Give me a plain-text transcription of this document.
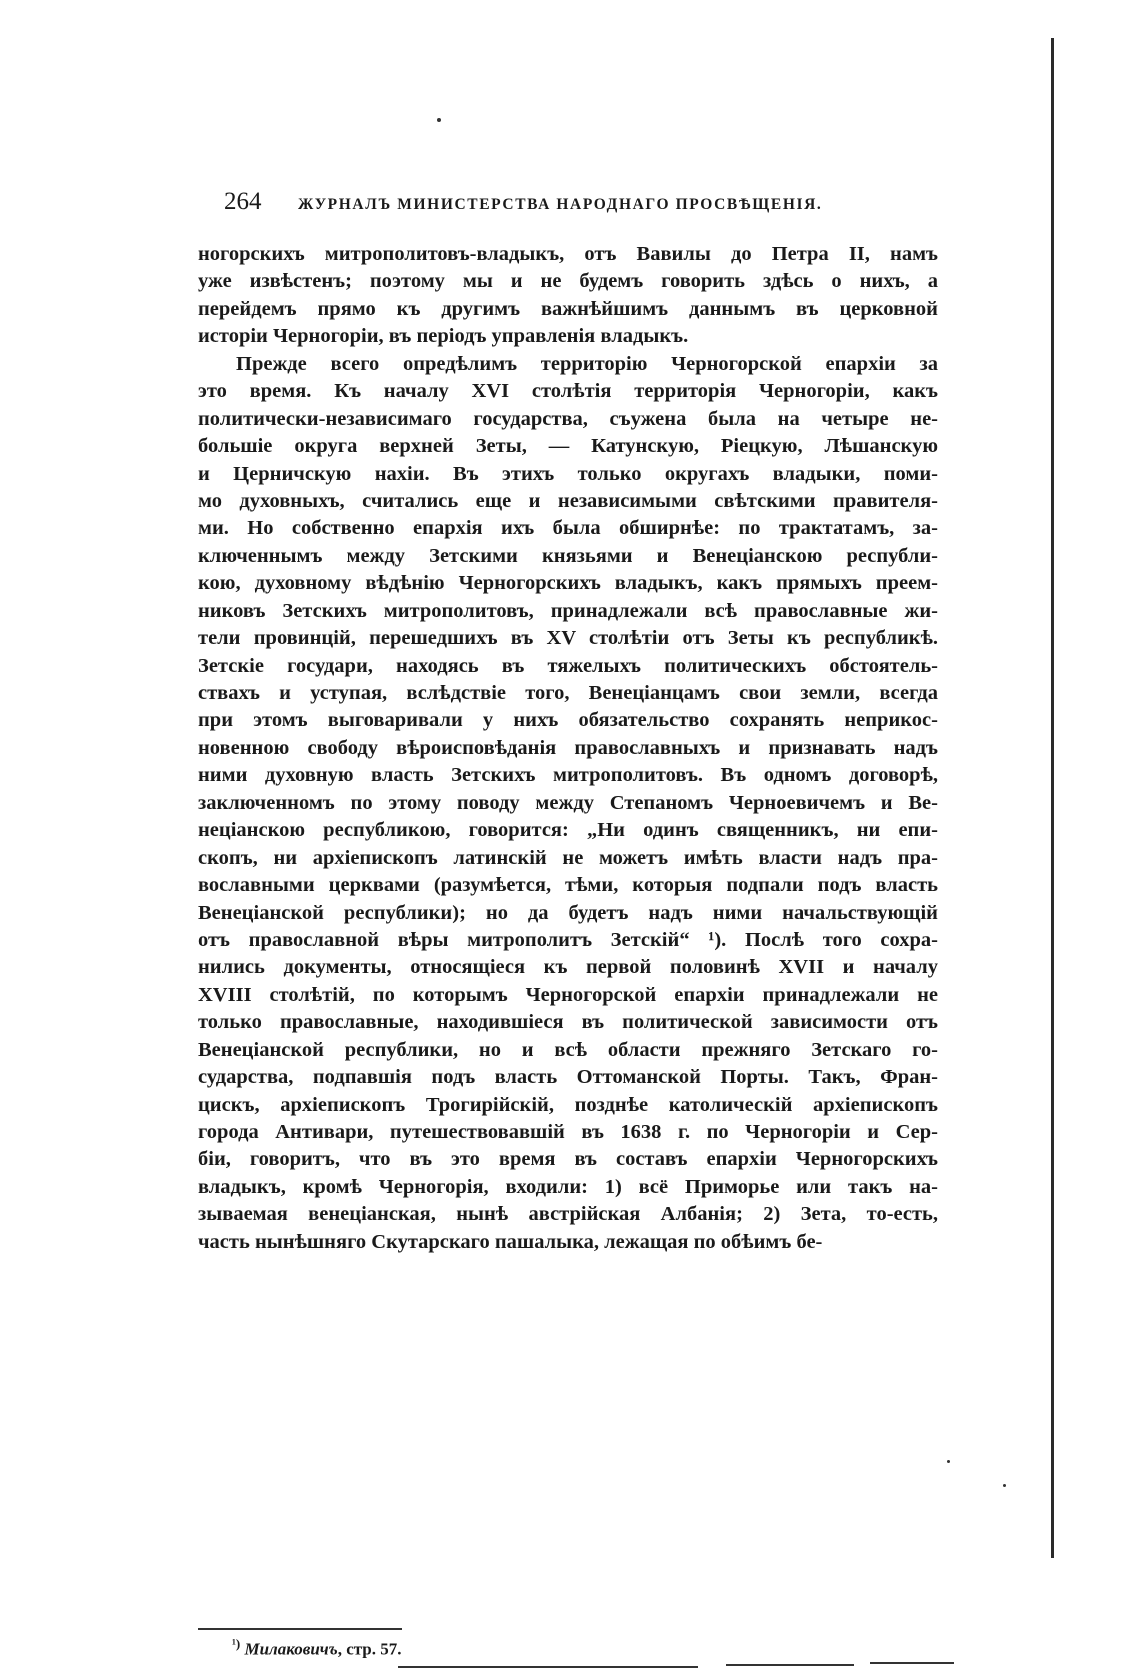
264	ЖУРНАЛЪ МИНИСТЕРСТВА НАРОДНАГО ПРОСВѢЩЕНІЯ.
ногорскихъ митрополитовъ-владыкъ, отъ Вавилы до Петра II, намъ
уже извѣстенъ; поэтому мы и не будемъ говорить здѣсь о нихъ, а
перейдемъ прямо къ другимъ важнѣйшимъ даннымъ въ церковной
исторіи Черногоріи, въ періодъ управленія владыкъ.
Прежде всего опредѣлимъ территорію Черногорской епархіи за
это время. Къ началу XVI столѣтія территорія Черногоріи, какъ
политически-независимаго государства, съужена была на четыре не-
большіе округа верхней Зеты, — Катунскую, Ріецкую, Лѣшанскую
и Церничскую нахіи. Въ этихъ только округахъ владыки, поми-
мо духовныхъ, считались еще и независимыми свѣтскими правителя-
ми. Но собственно епархія ихъ была обширнѣе: по трактатамъ, за-
ключеннымъ между Зетскими князьями и Венеціанскою республи-
кою, духовному вѣдѣнію Черногорскихъ владыкъ, какъ прямыхъ преем-
никовъ Зетскихъ митрополитовъ, принадлежали всѣ православные жи-
тели провинцій, перешедшихъ въ XV столѣтіи отъ Зеты къ республикѣ.
Зетскіе государи, находясь въ тяжелыхъ политическихъ обстоятель-
ствахъ и уступая, вслѣдствіе того, Венеціанцамъ свои земли, всегда
при этомъ выговаривали у нихъ обязательство сохранять неприкос-
новенною свободу вѣроисповѣданія православныхъ и признавать надъ
ними духовную власть Зетскихъ митрополитовъ. Въ одномъ договорѣ,
заключенномъ по этому поводу между Степаномъ Черноевичемъ и Ве-
неціанскою республикою, говорится: „Ни одинъ священникъ, ни епи-
скопъ, ни архіепископъ латинскій не можетъ имѣть власти надъ пра-
вославными церквами (разумѣется, тѣми, которыя подпали подъ власть
Венеціанской республики); но да будетъ надъ ними начальствующій
отъ православной вѣры митрополитъ Зетскій“ ¹). Послѣ того сохра-
нились документы, относящіеся къ первой половинѣ XVII и началу
XVIII столѣтій, по которымъ Черногорской епархіи принадлежали не
только православные, находившіеся въ политической зависимости отъ
Венеціанской республики, но и всѣ области прежняго Зетскаго го-
сударства, подпавшія подъ власть Оттоманской Порты. Такъ, Фран-
цискъ, архіепископъ Трогирійскій, позднѣе католическій архіепископъ
города Антивари, путешествовавшій въ 1638 г. по Черногоріи и Сер-
біи, говоритъ, что въ это время въ составъ епархіи Черногорскихъ
владыкъ, кромѣ Черногорія, входили: 1) всё Приморье или такъ на-
зываемая венеціанская, нынѣ австрійская Албанія; 2) Зета, то-есть,
часть нынѣшняго Скутарскаго пашалыка, лежащая по обѣимъ бе-
$^{^1)}$ Милаковичъ, стр. 57.
